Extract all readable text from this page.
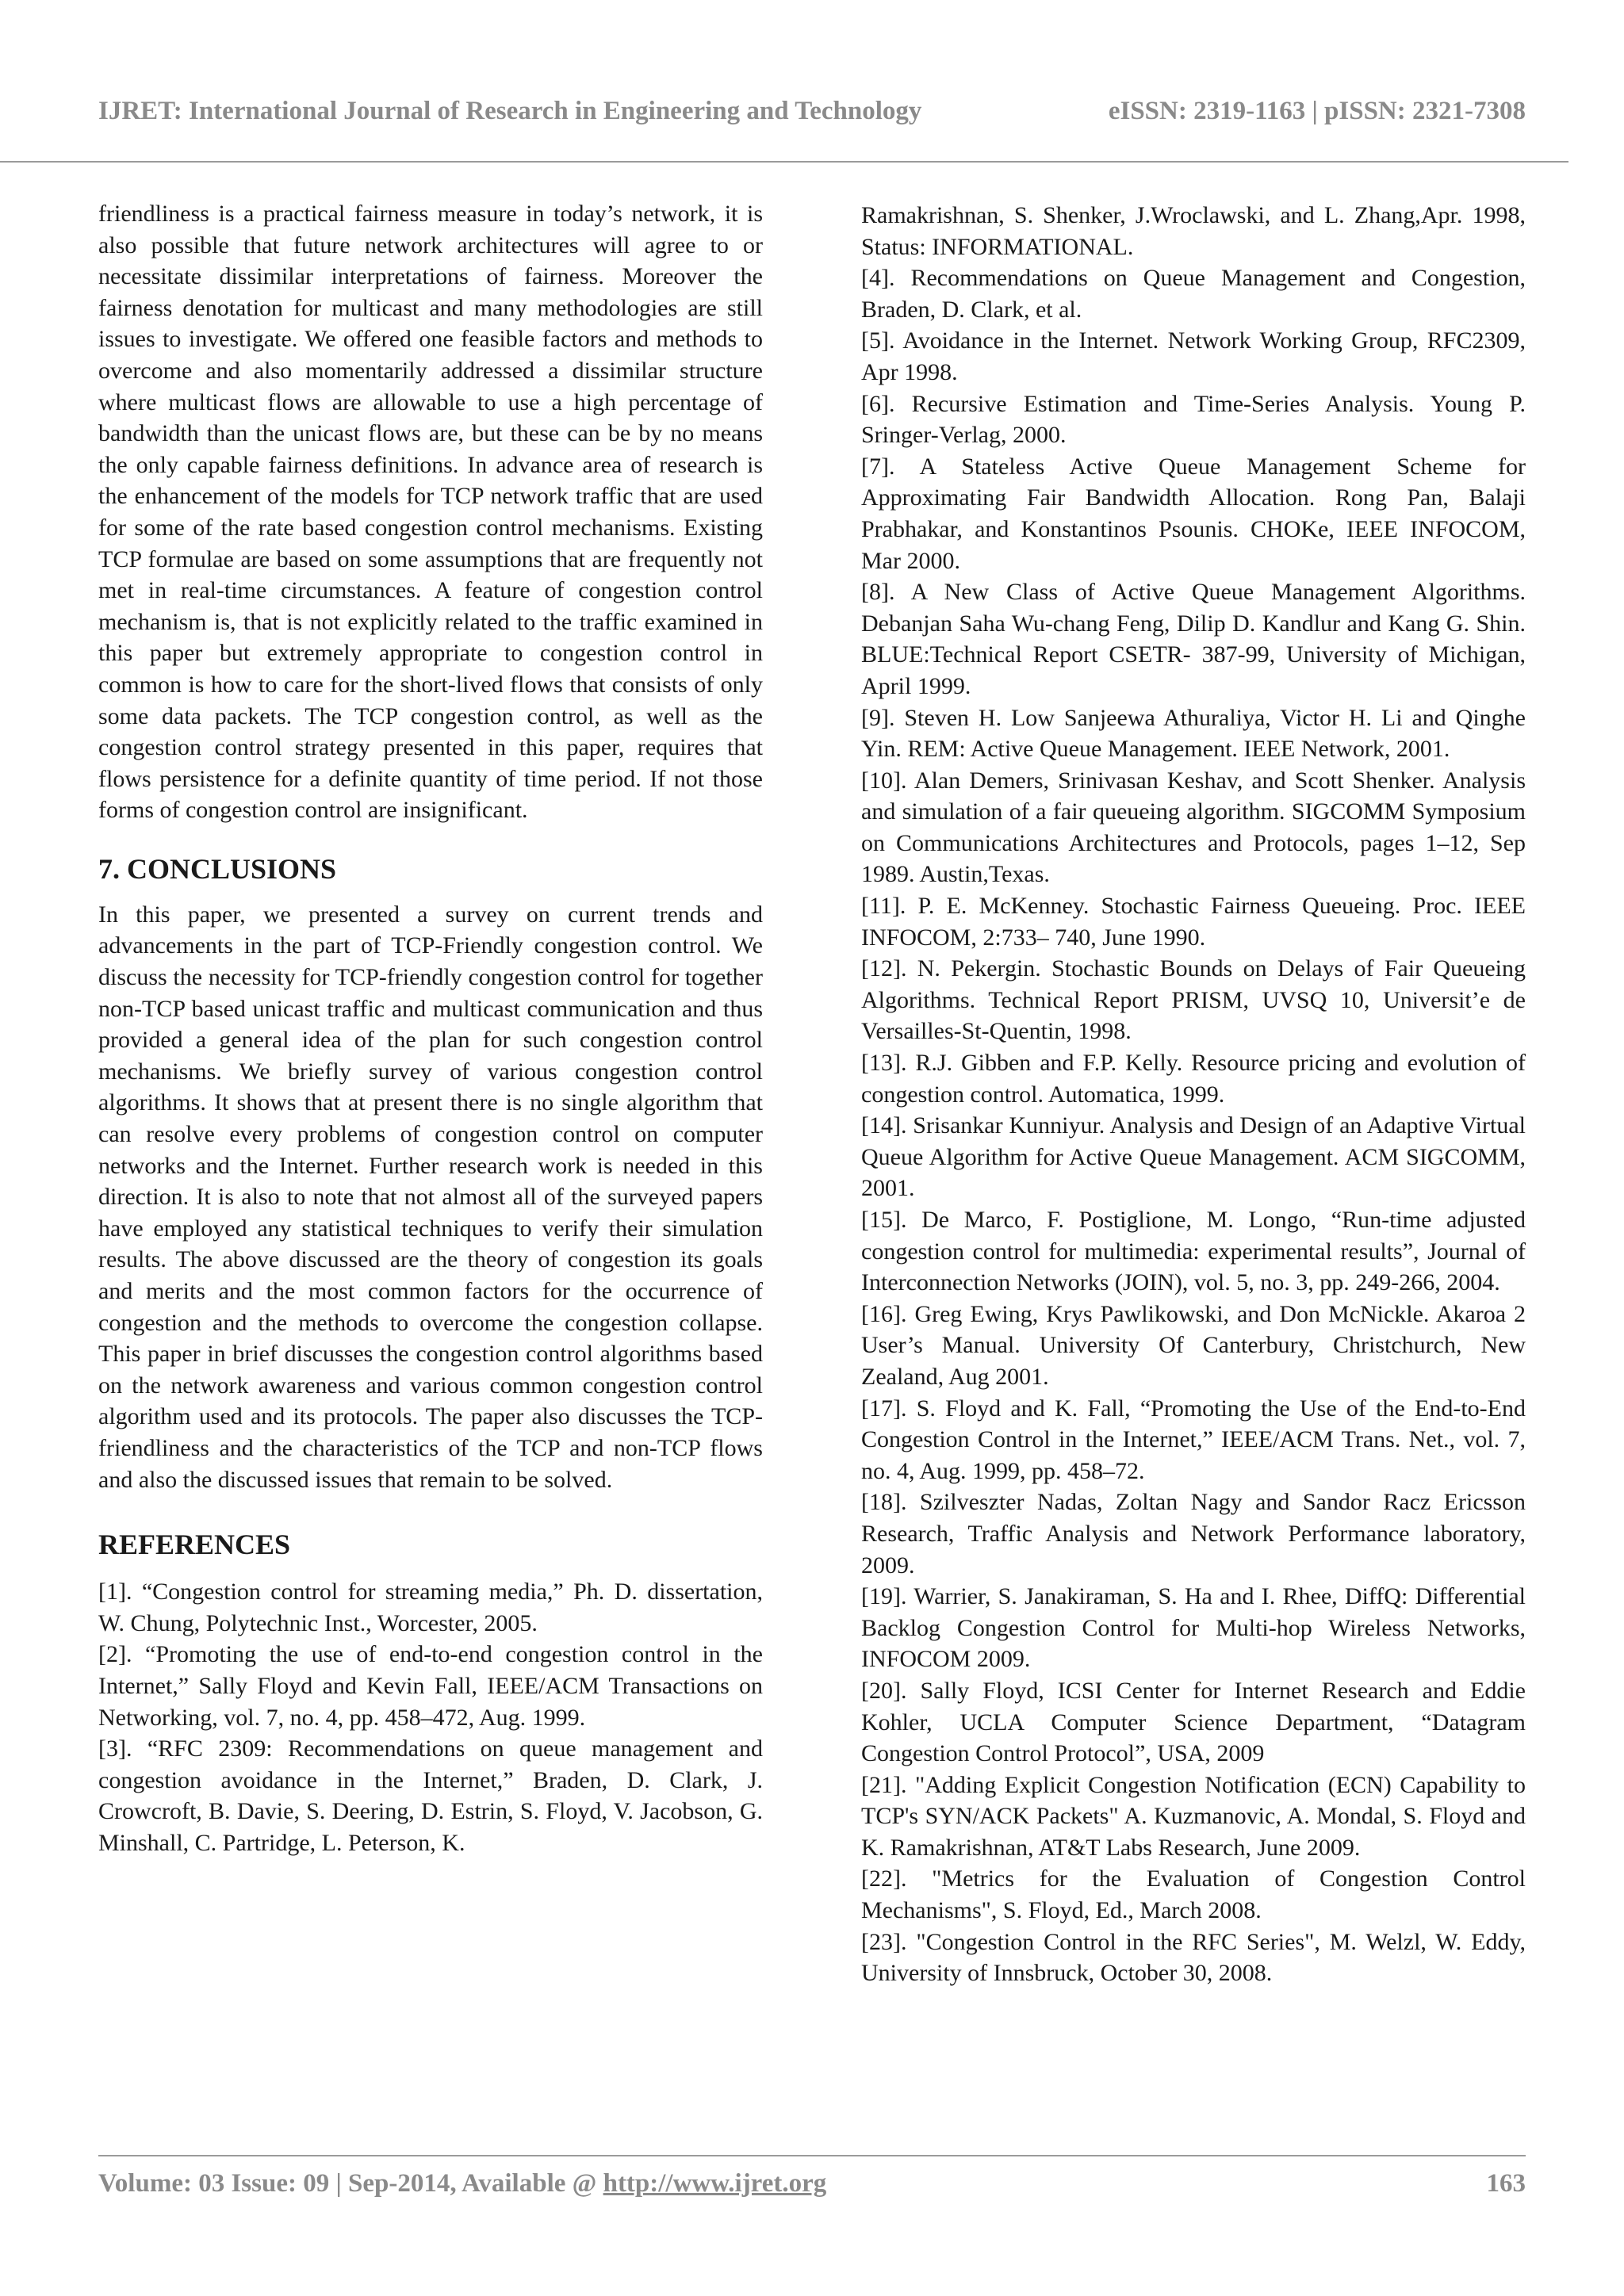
IJRET: International Journal of Research in Engineering and Technology	eISSN: 2319-1163 | pISSN: 2321-7308

friendliness is a practical fairness measure in today’s network, it is also possible that future network architectures will agree to or necessitate dissimilar interpretations of fairness. Moreover the fairness denotation for multicast and many methodologies are still issues to investigate. We offered one feasible factors and methods to overcome and also momentarily addressed a dissimilar structure where multicast flows are allowable to use a high percentage of bandwidth than the unicast flows are, but these can be by no means the only capable fairness definitions. In advance area of research is the enhancement of the models for TCP network traffic that are used for some of the rate based congestion control mechanisms. Existing TCP formulae are based on some assumptions that are frequently not met in real-time circumstances. A feature of congestion control mechanism is, that is not explicitly related to the traffic examined in this paper but extremely appropriate to congestion control in common is how to care for the short-lived flows that consists of only some data packets. The TCP congestion control, as well as the congestion control strategy presented in this paper, requires that flows persistence for a definite quantity of time period. If not those forms of congestion control are insignificant.

7. CONCLUSIONS

In this paper, we presented a survey on current trends and advancements in the part of TCP-Friendly congestion control. We discuss the necessity for TCP-friendly congestion control for together non-TCP based unicast traffic and multicast communication and thus provided a general idea of the plan for such congestion control mechanisms. We briefly survey of various congestion control algorithms. It shows that at present there is no single algorithm that can resolve every problems of congestion control on computer networks and the Internet. Further research work is needed in this direction. It is also to note that not almost all of the surveyed papers have employed any statistical techniques to verify their simulation results. The above discussed are the theory of congestion its goals and merits and the most common factors for the occurrence of congestion and the methods to overcome the congestion collapse. This paper in brief discusses the congestion control algorithms based on the network awareness and various common congestion control algorithm used and its protocols. The paper also discusses the TCP- friendliness and the characteristics of the TCP and non-TCP flows and also the discussed issues that remain to be solved.

REFERENCES

[1]. “Congestion control for streaming media,” Ph. D. dissertation, W. Chung, Polytechnic Inst., Worcester, 2005.

[2]. “Promoting the use of end-to-end congestion control in the Internet,” Sally Floyd and Kevin Fall, IEEE/ACM Transactions on Networking, vol. 7, no. 4, pp. 458–472, Aug. 1999.

[3]. “RFC 2309: Recommendations on queue management and congestion avoidance in the Internet,” Braden, D. Clark, J. Crowcroft, B. Davie, S. Deering, D. Estrin, S. Floyd, V. Jacobson, G. Minshall, C. Partridge, L. Peterson, K.

Ramakrishnan, S. Shenker, J.Wroclawski, and L. Zhang,Apr. 1998, Status: INFORMATIONAL.

[4]. Recommendations on Queue Management and Congestion, Braden, D. Clark, et al.

[5]. Avoidance in the Internet. Network Working Group, RFC2309, Apr 1998.

[6]. Recursive Estimation and Time-Series Analysis. Young P. Sringer-Verlag, 2000.

[7]. A Stateless Active Queue Management Scheme for Approximating Fair Bandwidth Allocation. Rong Pan, Balaji Prabhakar, and Konstantinos Psounis. CHOKe, IEEE INFOCOM, Mar 2000.

[8]. A New Class of Active Queue Management Algorithms. Debanjan Saha Wu-chang Feng, Dilip D. Kandlur and Kang G. Shin. BLUE:Technical Report CSETR- 387-99, University of Michigan, April 1999.

[9]. Steven H. Low Sanjeewa Athuraliya, Victor H. Li and Qinghe Yin. REM: Active Queue Management. IEEE Network, 2001.

[10]. Alan Demers, Srinivasan Keshav, and Scott Shenker. Analysis and simulation of a fair queueing algorithm. SIGCOMM Symposium on Communications Architectures and Protocols, pages 1–12, Sep 1989. Austin,Texas.

[11]. P. E. McKenney. Stochastic Fairness Queueing. Proc. IEEE INFOCOM, 2:733– 740, June 1990.

[12]. N. Pekergin. Stochastic Bounds on Delays of Fair Queueing Algorithms. Technical Report PRISM, UVSQ 10, Universit’e de Versailles-St-Quentin, 1998.

[13]. R.J. Gibben and F.P. Kelly. Resource pricing and evolution of congestion control. Automatica, 1999.

[14]. Srisankar Kunniyur. Analysis and Design of an Adaptive Virtual Queue Algorithm for Active Queue Management. ACM SIGCOMM, 2001.

[15]. De Marco, F. Postiglione, M. Longo, “Run-time adjusted congestion control for multimedia: experimental results”, Journal of Interconnection Networks (JOIN), vol. 5, no. 3, pp. 249-266, 2004.

[16]. Greg Ewing, Krys Pawlikowski, and Don McNickle. Akaroa 2 User’s Manual. University Of Canterbury, Christchurch, New Zealand, Aug 2001.

[17]. S. Floyd and K. Fall, “Promoting the Use of the End-to-End Congestion Control in the Internet,” IEEE/ACM Trans. Net., vol. 7, no. 4, Aug. 1999, pp. 458–72.

[18]. Szilveszter Nadas, Zoltan Nagy and Sandor Racz Ericsson Research, Traffic Analysis and Network Performance laboratory, 2009.

[19]. Warrier, S. Janakiraman, S. Ha and I. Rhee, DiffQ: Differential Backlog Congestion Control for Multi-hop Wireless Networks, INFOCOM 2009.

[20]. Sally Floyd, ICSI Center for Internet Research and Eddie Kohler, UCLA Computer Science Department, “Datagram Congestion Control Protocol”, USA, 2009

[21]. "Adding Explicit Congestion Notification (ECN) Capability to TCP's SYN/ACK Packets" A. Kuzmanovic, A. Mondal, S. Floyd and K. Ramakrishnan, AT&T Labs Research, June 2009.

[22]. "Metrics for the Evaluation of Congestion Control Mechanisms", S. Floyd, Ed., March 2008.

[23]. "Congestion Control in the RFC Series", M. Welzl, W. Eddy, University of Innsbruck, October 30, 2008.

Volume: 03 Issue: 09 | Sep-2014, Available @ http://www.ijret.org	163
